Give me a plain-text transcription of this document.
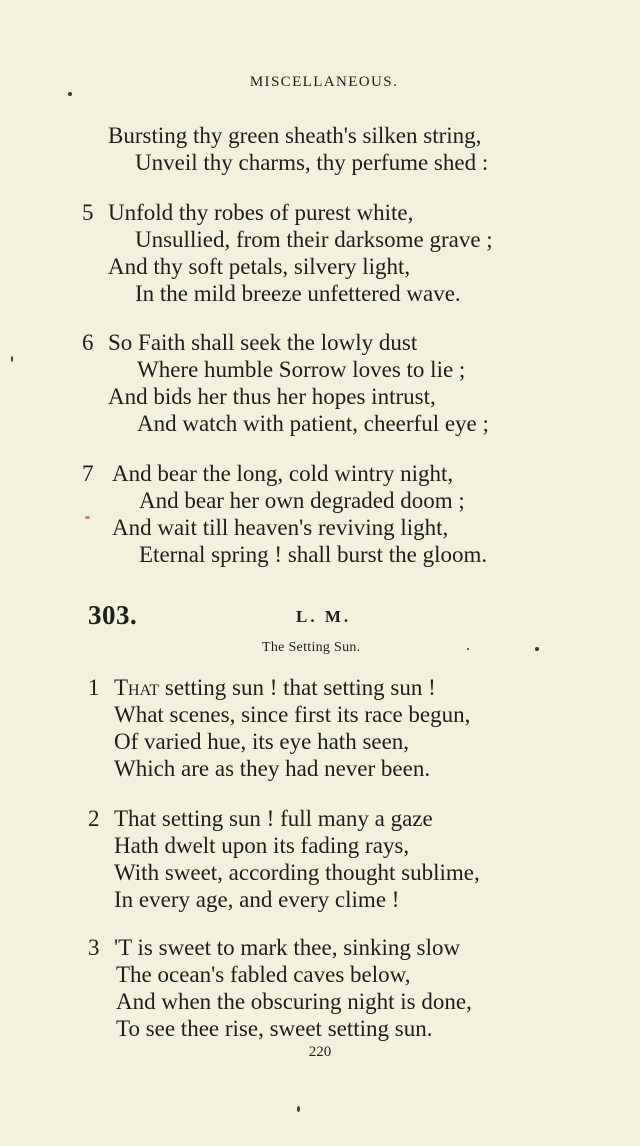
MISCELLANEOUS.
Bursting thy green sheath's silken string,
Unveil thy charms, thy perfume shed :
5 Unfold thy robes of purest white,
Unsullied, from their darksome grave ;
And thy soft petals, silvery light,
In the mild breeze unfettered wave.
6 So Faith shall seek the lowly dust
Where humble Sorrow loves to lie ;
And bids her thus her hopes intrust,
And watch with patient, cheerful eye ;
7 And bear the long, cold wintry night,
And bear her own degraded doom ;
And wait till heaven's reviving light,
Eternal spring ! shall burst the gloom.
303.	L. M.
The Setting Sun.
1 That setting sun ! that setting sun !
What scenes, since first its race begun,
Of varied hue, its eye hath seen,
Which are as they had never been.
2 That setting sun ! full many a gaze
Hath dwelt upon its fading rays,
With sweet, according thought sublime,
In every age, and every clime !
3 'T is sweet to mark thee, sinking slow
The ocean's fabled caves below,
And when the obscuring night is done,
To see thee rise, sweet setting sun.
220
